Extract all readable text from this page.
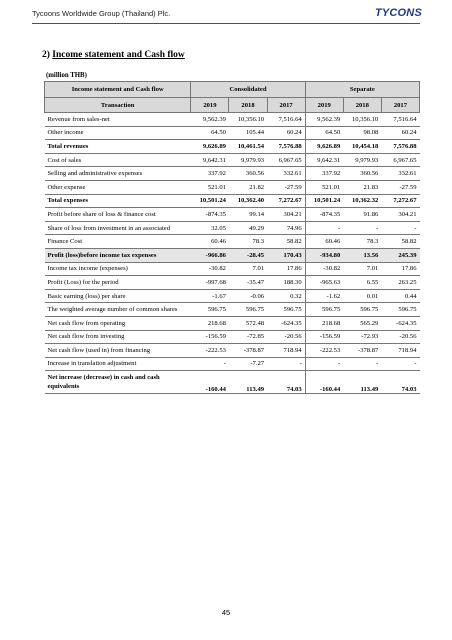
Tycoons Worldwide Group (Thailand) Plc.	TYCONS
2) Income statement and Cash flow
(million THB)
Income statement and Cash flow	Consolidated			Separate		
Transaction	2019	2018	2017	2019	2018	2017
Revenue from sales-net	9,562.39	10,356.10	7,516.64	9,562.39	10,356.10	7,516.64
Other income	64.50	105.44	60.24	64.50	98.08	60.24
Total revenues	9,626.89	10,461.54	7,576.88	9,626.89	10,454.18	7,576.88
Cost of sales	9,642.31	9,979.93	6,967.65	9,642.31	9,979.93	6,967.65
Selling and administrative expenses	337.92	360.56	332.61	337.92	360.56	332.61
Other expense	521.01	21.82	-27.59	521.01	21.83	-27.59
Total expenses	10,501.24	10,362.40	7,272.67	10,501.24	10,362.32	7,272.67
Profit before share of loss & finance cost	-874.35	99.14	304.21	-874.35	91.86	304.21
Share of loss from investment in an associated	32.05	49.29	74.96	-	-	-
Finance Cost	60.46	78.3	58.82	60.46	78.3	58.82
Profit (loss)before income tax expenses	-966.86	-28.45	170.43	-934.80	13.56	245.39
Income tax income (expenses)	-30.82	7.01	17.86	-30.82	7.01	17.86
Profit (Loss) for the period	-997.68	-35.47	188.30	-965.63	6.55	263.25
Basic earning (loss) per share	-1.67	-0.06	0.32	-1.62	0.01	0.44
The weighted average number of common shares	596.75	596.75	596.75	596.75	596.75	596.75
Net cash flow from operating	218.68	572.48	-624.35	218.68	565.29	-624.35
Net cash flow from investing	-156.59	-72.85	-20.56	-156.59	-72.93	-20.56
Net cash flow (used in) from financing	-222.53	-378.87	718.94	-222.53	-378.87	718.94
Increase in translation adjustment	-	-7.27	-	-	-	-
Net increase (decrease) in cash and cash equivalents	-160.44	113.49	74.03	-160.44	113.49	74.03
45
